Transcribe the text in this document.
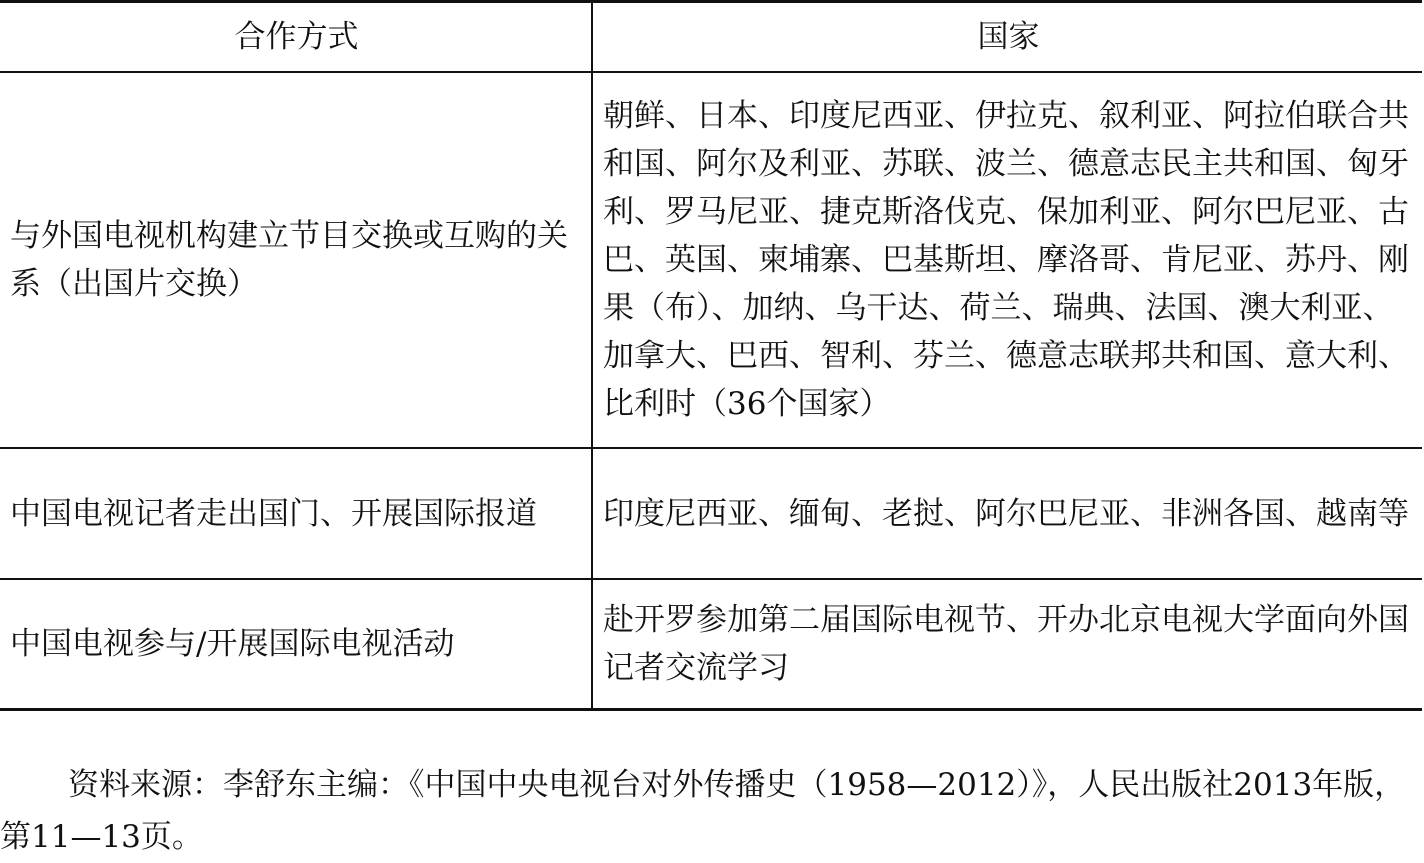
合作方式	国家
与外国电视机构建立节目交换或互购的关系（出国片交换）	朝鲜、日本、印度尼西亚、伊拉克、叙利亚、阿拉伯联合共和国、阿尔及利亚、苏联、波兰、德意志民主共和国、匈牙利、罗马尼亚、捷克斯洛伐克、保加利亚、阿尔巴尼亚、古巴、英国、柬埔寨、巴基斯坦、摩洛哥、肯尼亚、苏丹、刚果（布）、加纳、乌干达、荷兰、瑞典、法国、澳大利亚、加拿大、巴西、智利、芬兰、德意志联邦共和国、意大利、比利时（36个国家）
中国电视记者走出国门、开展国际报道	印度尼西亚、缅甸、老挝、阿尔巴尼亚、非洲各国、越南等
中国电视参与/开展国际电视活动	赴开罗参加第二届国际电视节、开办北京电视大学面向外国记者交流学习

资料来源：李舒东主编：《中国中央电视台对外传播史（1958—2012）》，人民出版社2013年版，第11—13页。
